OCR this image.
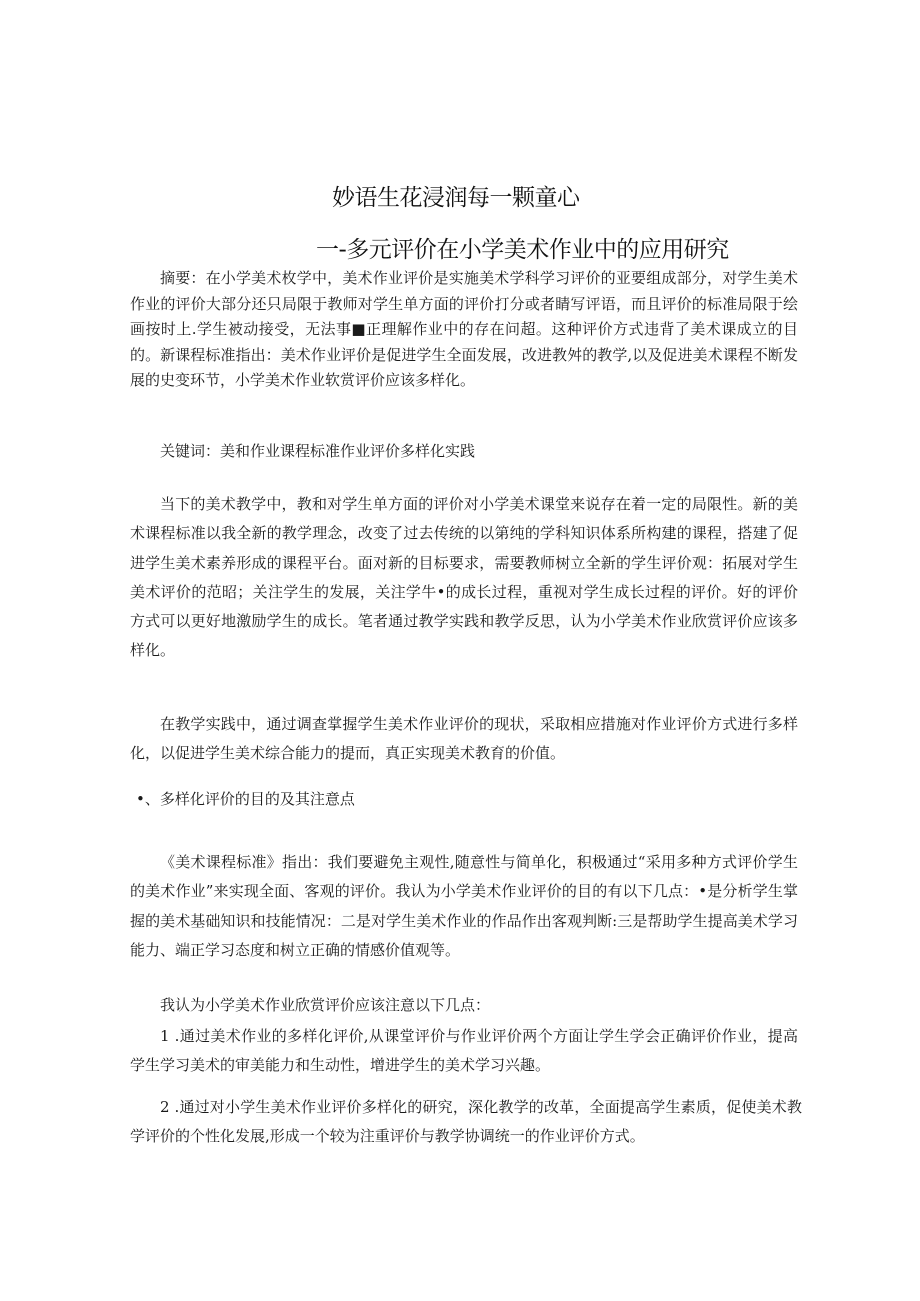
妙语生花浸润每一颗童心
一-多元评价在小学美术作业中的应用研究

摘要：在小学美术枚学中，美术作业评价是实施美术学科学习评价的亚要组成部分，对学生美术作业的评价大部分还只局限于教师对学生单方面的评价打分或者睛写评语，而且评价的标准局限于绘画按时上.学生被动接受，无法事■正理解作业中的存在问超。这种评价方式违背了美术课成立的目的。新课程标准指出：美术作业评价是促进学生全面发展，改进教舛的教学,以及促进美术课程不断发展的史变环节，小学美术作业软赏评价应该多样化。

关键词：美和作业课程标准作业评价多样化实践

当下的美术教学中，教和对学生单方面的评价对小学美术课堂来说存在着一定的局限性。新的美术课程标准以我全新的教学理念，改变了过去传统的以第纯的学科知识体系所构建的课程，搭建了促进学生美术素养形成的课程平台。面对新的目标要求，需要教师树立全新的学生评价观：拓展对学生美术评价的范昭；关注学生的发展，关注学牛•的成长过程，重视对学生成长过程的评价。好的评价方式可以更好地激励学生的成长。笔者通过教学实践和教学反思，认为小学美术作业欣赏评价应该多样化。

在教学实践中，通过调查掌握学生美术作业评价的现状，采取相应措施对作业评价方式进行多样化，以促进学生美术综合能力的提而，真正实现美术教育的价值。

•、多样化评价的目的及其注意点

《美术课程标准》指出：我们要避免主观性,随意性与简单化，积极通过“采用多种方式评价学生的美术作业”来实现全面、客观的评价。我认为小学美术作业评价的目的有以下几点：•是分析学生掌握的美术基础知识和技能情况：二是对学生美术作业的作品作出客观判断:三是帮助学生提高美术学习能力、端正学习态度和树立正确的情感价值观等。

我认为小学美术作业欣赏评价应该注意以下几点：

1 .通过美术作业的多样化评价,从课堂评价与作业评价两个方面让学生学会正确评价作业，提高学生学习美术的审美能力和生动性，增进学生的美术学习兴趣。

2 .通过对小学生美术作业评价多样化的研究，深化教学的改革，全面提高学生素质，促使美术教学评价的个性化发展,形成一个较为注重评价与教学协调统一的作业评价方式。
